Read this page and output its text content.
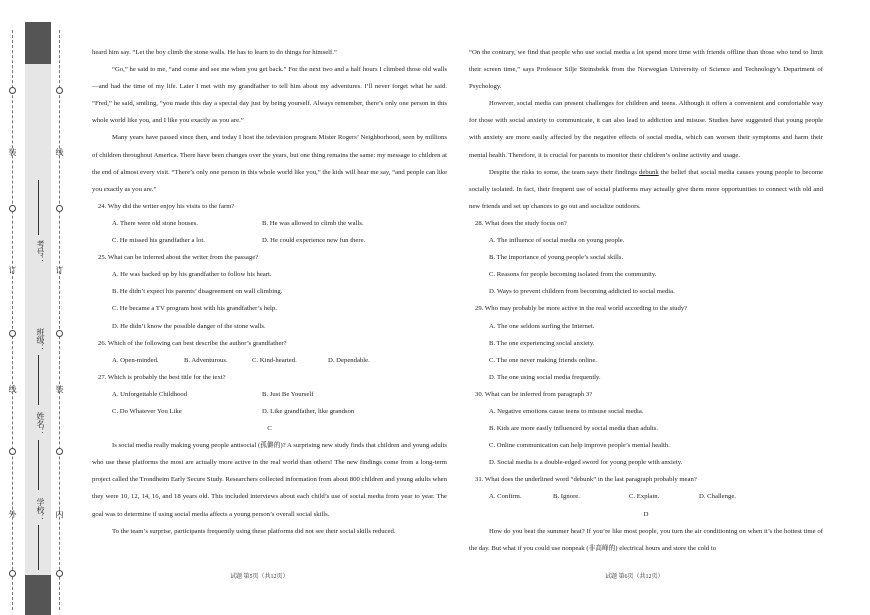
装
订
线
外
线
订
装
内
考号：
班级：
姓名：
学校：

heard him say. “Let the boy climb the stone walls. He has to learn to do things for himself.”

“Go,” he said to me, “and come and see me when you get back.” For the next two and a half hours I climbed those old walls —and had the time of my life. Later I met with my grandfather to tell him about my adventures. I’ll never forget what he said. “Fred,” he said, smiling, “you made this day a special day just by being yourself. Always remember, there’s only one person in this whole world like you, and I like you exactly as you are.”

Many years have passed since then, and today I host the television program Mister Rogers’ Neighborhood, seen by millions of children throughout America. There have been changes over the years, but one thing remains the same: my message to children at the end of almost every visit. “There’s only one person in this whole world like you,” the kids will hear me say, “and people can like you exactly as you are.”

24. Why did the writer enjoy his visits to the farm?

A. There were old stone houses.	B. He was allowed to climb the walls.
C. He missed his grandfather a lot.	D. He could experience new fun there.

25. What can be inferred about the writer from the passage?

A. He was backed up by his grandfather to follow his heart.

B. He didn’t expect his parents’ disagreement on wall climbing.

C. He became a TV program host with his grandfather’s help.

D. He didn’t know the possible danger of the stone walls.

26. Which of the following can best describe the author’s grandfather?

A. Open-minded.	B. Adventurous.	C. Kind-hearted.	D. Dependable.

27. Which is probably the best title for the text?

A. Unforgettable Childhood	B. Just Be Yourself
C. Do Whatever You Like	D. Like grandfather, like grandson

C

Is social media really making young people antisocial (孤僻的)? A surprising new study finds that children and young adults who use these platforms the most are actually more active in the real world than others! The new findings come from a long-term project called the Trondheim Early Secure Study. Researchers collected information from about 800 children and young adults when they were 10, 12, 14, 16, and 18 years old. This included interviews about each child’s use of social media from year to year. The goal was to determine if using social media affects a young person’s overall social skills.

To the team’s surprise, participants frequently using these platforms did not see their social skills reduced.

“On the contrary, we find that people who use social media a lot spend more time with friends offline than those who tend to limit their screen time,” says Professor Silje Steinsbekk from the Norwegian University of Science and Technology’s Department of Psychology.

However, social media can present challenges for children and teens. Although it offers a convenient and comfortable way for those with social anxiety to communicate, it can also lead to addiction and misuse. Studies have suggested that young people with anxiety are more easily affected by the negative effects of social media, which can worsen their symptoms and harm their mental health. Therefore, it is crucial for parents to monitor their children’s online activity and usage.

Despite the risks to some, the team says their findings debunk the belief that social media causes young people to become socially isolated. In fact, their frequent use of social platforms may actually give them more opportunities to connect with old and new friends and set up chances to go out and socialize outdoors.

28. What does the study focus on?

A. The influence of social media on young people.

B. The importance of young people’s social skills.

C. Reasons for people becoming isolated from the community.

D. Ways to prevent children from becoming addicted to social media.

29. Who may probably be more active in the real world according to the study?

A. The one seldom surfing the Internet.

B. The one experiencing social anxiety.

C. The one never making friends online.

D. The one using social media frequently.

30. What can be inferred from paragraph 3?

A. Negative emotions cause teens to misuse social media.

B. Kids are more easily influenced by social media than adults.

C. Online communication can help improve people’s mental health.

D. Social media is a double-edged sword for young people with anxiety.

31. What does the underlined word “debunk” in the last paragraph probably mean?

A. Confirm.	B. Ignore.	C. Explain.	D. Challenge.

D

How do you beat the summer heat? If you’re like most people, you turn the air conditioning on when it’s the hottest time of the day. But what if you could use nonpeak (非高峰的) electrical hours and store the cold to

试题 第5页（共12页）	试题 第6页（共12页）
